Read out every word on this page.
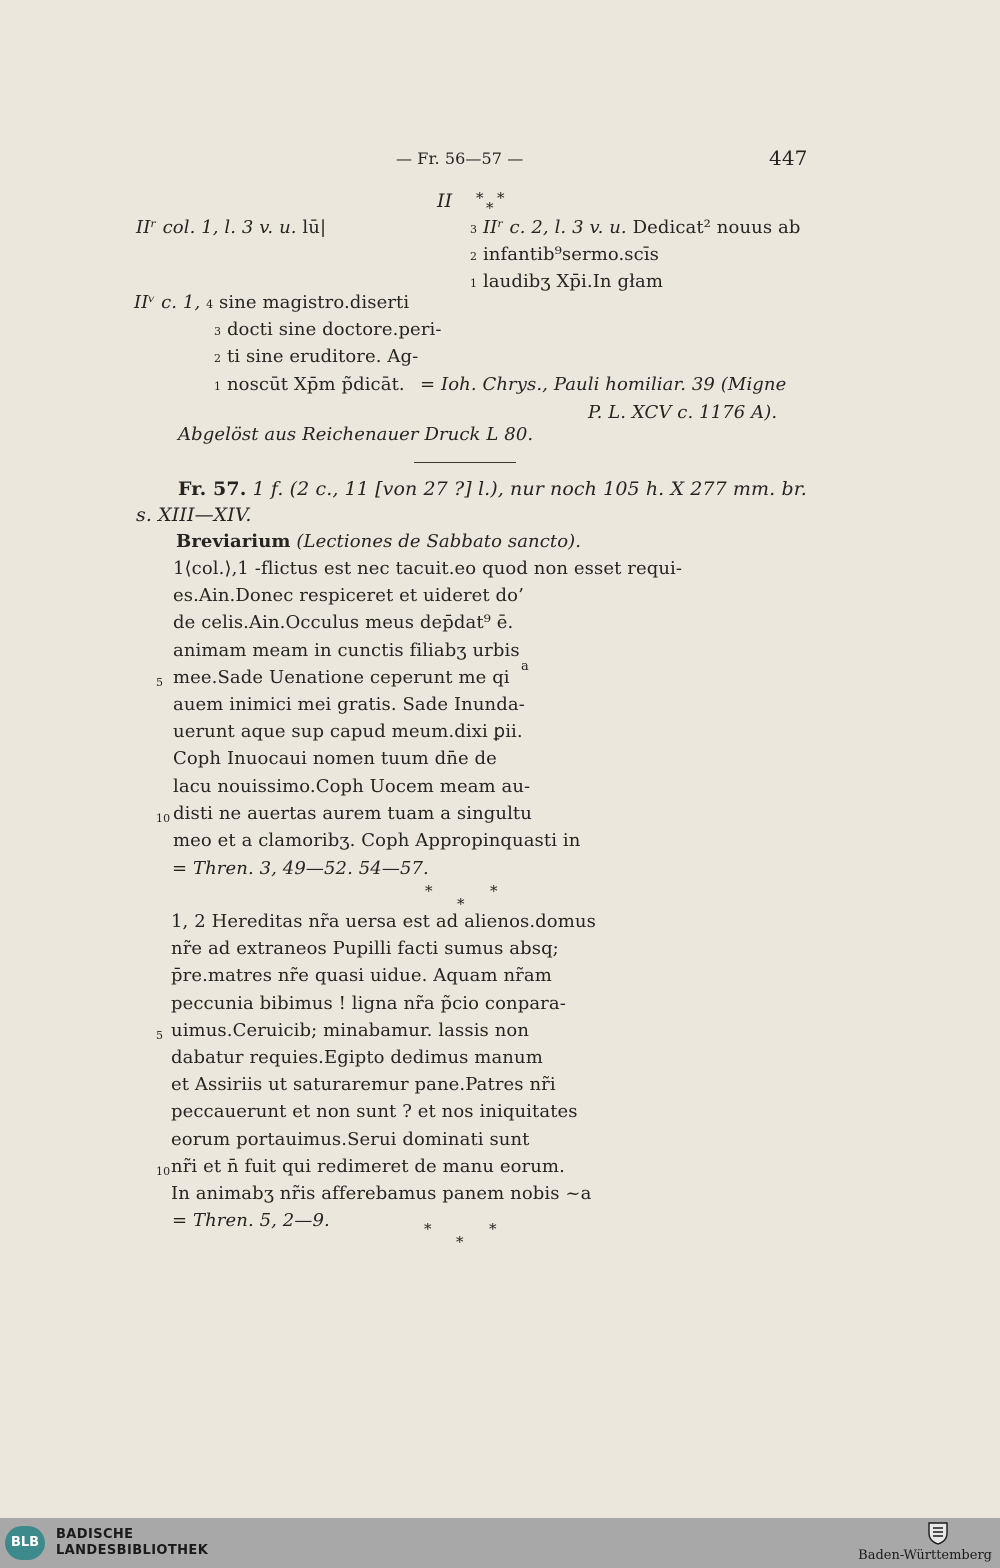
— Fr. 56—57 —	447
II * *
*
IIʳ col. 1, l. 3 v. u. lū|	3 IIʳ c. 2, l. 3 v. u. Dedicat² nouus ab
2 infantib⁹sermo.scīs
1 laudibʒ Xp̄i.In głam
IIᵛ c. 1, 4 sine magistro.diserti
3 docti sine doctore.peri-
2 ti sine eruditore. Ag-
1 noscūt Xp̄m p̃dicāt. = Ioh. Chrys., Pauli homiliar. 39 (Migne
P. L. XCV c. 1176 A).
Abgelöst aus Reichenauer Druck L 80.
Fr. 57. 1 f. (2 c., 11 [von 27 ?] l.), nur noch 105 h. X 277 mm. br.
s. XIII—XIV.
Breviarium (Lectiones de Sabbato sancto).
1⟨col.⟩,1 -flictus est nec tacuit.eo quod non esset requi-
es.Ain.Donec respiceret et uideret do’
de celis.Ain.Occulus meus dep̄dat⁹ ē.
animam meam in cunctis filiabʒ urbis
5 mee.Sade Uenatione ceperunt me qi
auem inimici mei gratis. Sade Inunda-
uerunt aque sup capud meum.dixi ꝑii.
Coph Inuocaui nomen tuum dn̄e de
lacu nouissimo.Coph Uocem meam au-
10 disti ne auertas aurem tuam a singultu
meo et a clamoribʒ. Coph Appropinquasti in
a
= Thren. 3, 49—52. 54—57.
*	*
*
1, 2 Hereditas nr̃a uersa est ad alienos.domus
nr̃e ad extraneos Pupilli facti sumus absq;
p̄re.matres nr̃e quasi uidue. Aquam nr̃am
peccunia bibimus ! ligna nr̃a p̃cio conpara-
5 uimus.Ceruicib; minabamur. lassis non
dabatur requies.Egipto dedimus manum
et Assiriis ut saturaremur pane.Patres nr̃i
peccauerunt et non sunt ? et nos iniquitates
eorum portauimus.Serui dominati sunt
10 nr̃i et n̄ fuit qui redimeret de manu eorum.
In animabʒ nr̃is afferebamus panem nobis ~a
= Thren. 5, 2—9.	*	*
*
BLB
BADISCHE
LANDESBIBLIOTHEK	Baden-Württemberg
